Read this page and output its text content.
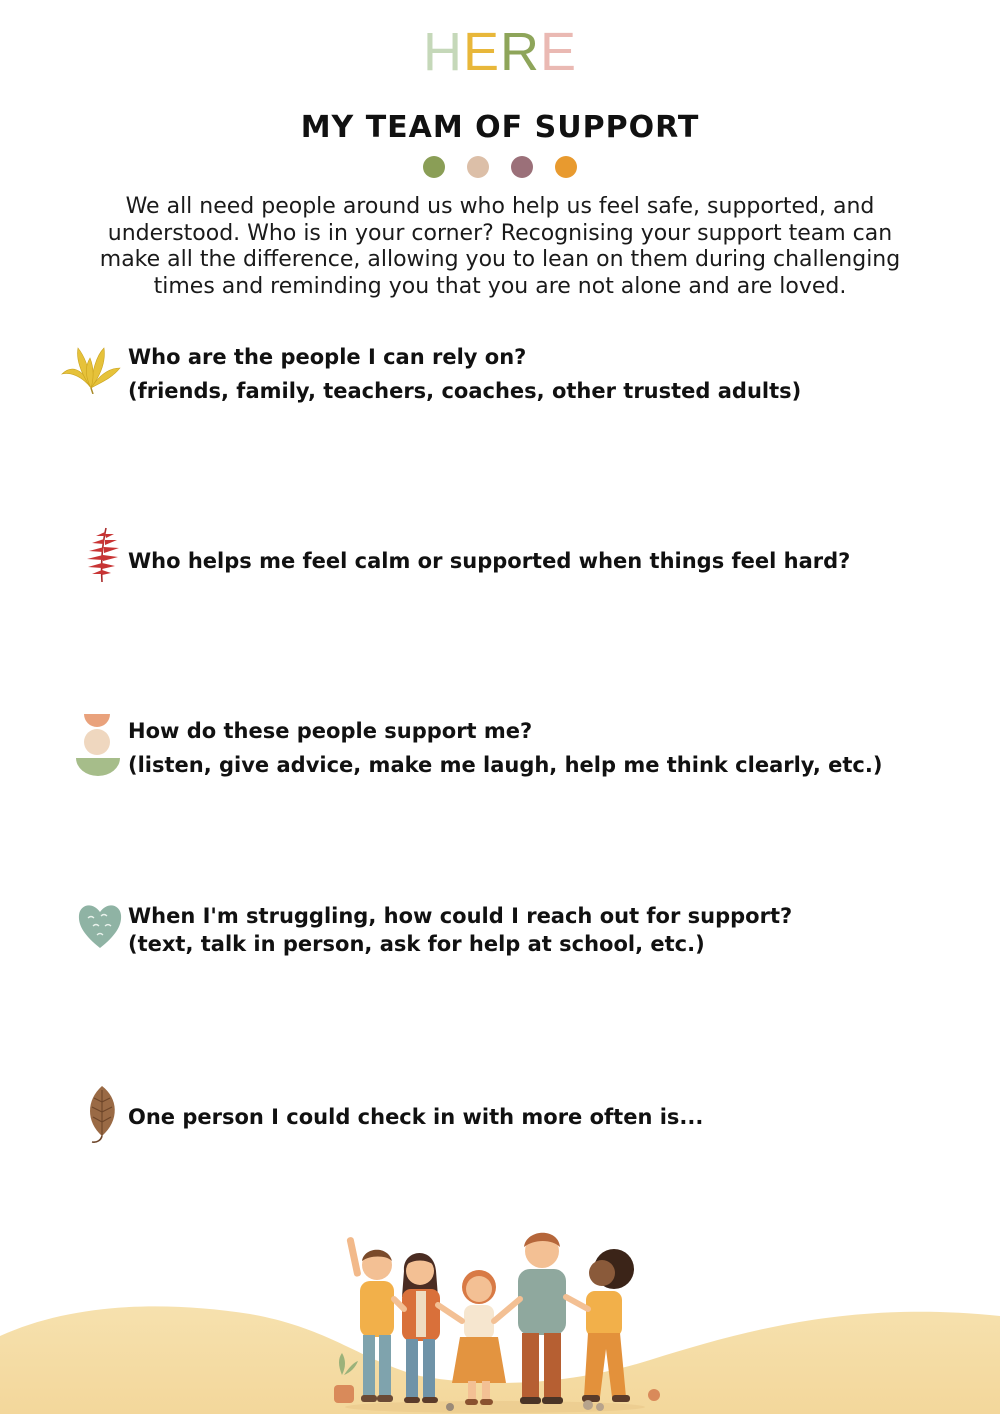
HERE
MY TEAM OF SUPPORT

We all need people around us who help us feel safe, supported, and understood. Who is in your corner? Recognising your support team can make all the difference, allowing you to lean on them during challenging times and reminding you that you are not alone and are loved.
Who are the people I can rely on?
(friends, family, teachers, coaches, other trusted adults)
Who helps me feel calm or supported when things feel hard?
How do these people support me?
(listen, give advice, make me laugh, help me think clearly, etc.)
When I'm struggling, how could I reach out for support?
(text, talk in person, ask for help at school, etc.)
One person I could check in with more often is...
